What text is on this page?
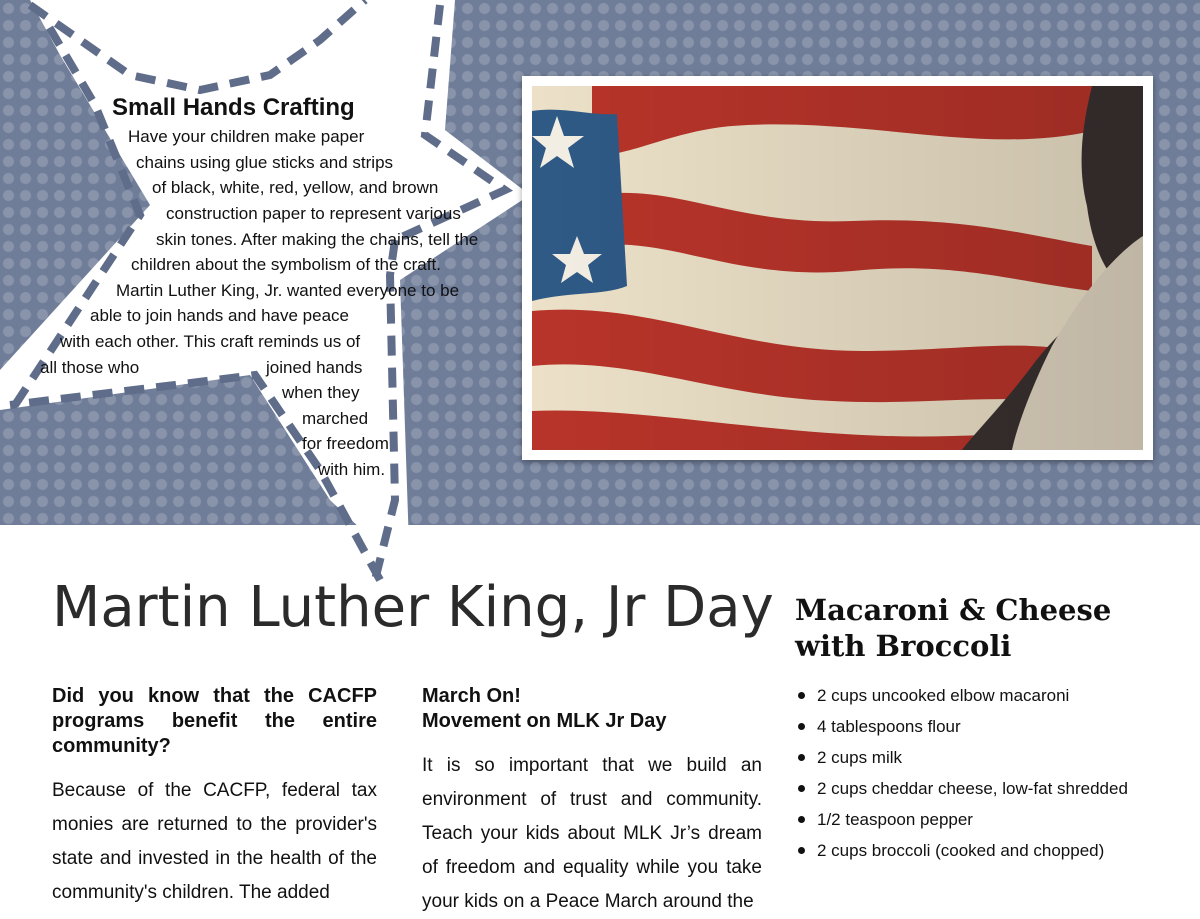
Small Hands Crafting
Have your children make paper
chains using glue sticks and strips
of black, white, red, yellow, and brown
construction paper to represent various
skin tones. After making the chains, tell the
children about the symbolism of the craft.
Martin Luther King, Jr. wanted everyone to be
able to join hands and have peace
with each other. This craft reminds us of
all those who	joined hands
when they
marched
for freedom
with him.
Martin Luther King, Jr Day
Did you know that the CACFP programs benefit the entire community?
Because of the CACFP, federal tax monies are returned to the provider's state and invested in the health of the community's children. The added
March On!
Movement on MLK Jr Day
It is so important that we build an environment of trust and community. Teach your kids about MLK Jr’s dream of freedom and equality while you take your kids on a Peace March around the
Macaroni & Cheese with Broccoli
2 cups uncooked elbow macaroni
4 tablespoons flour
2 cups milk
2 cups cheddar cheese, low-fat shredded
1/2 teaspoon pepper
2 cups broccoli (cooked and chopped)
